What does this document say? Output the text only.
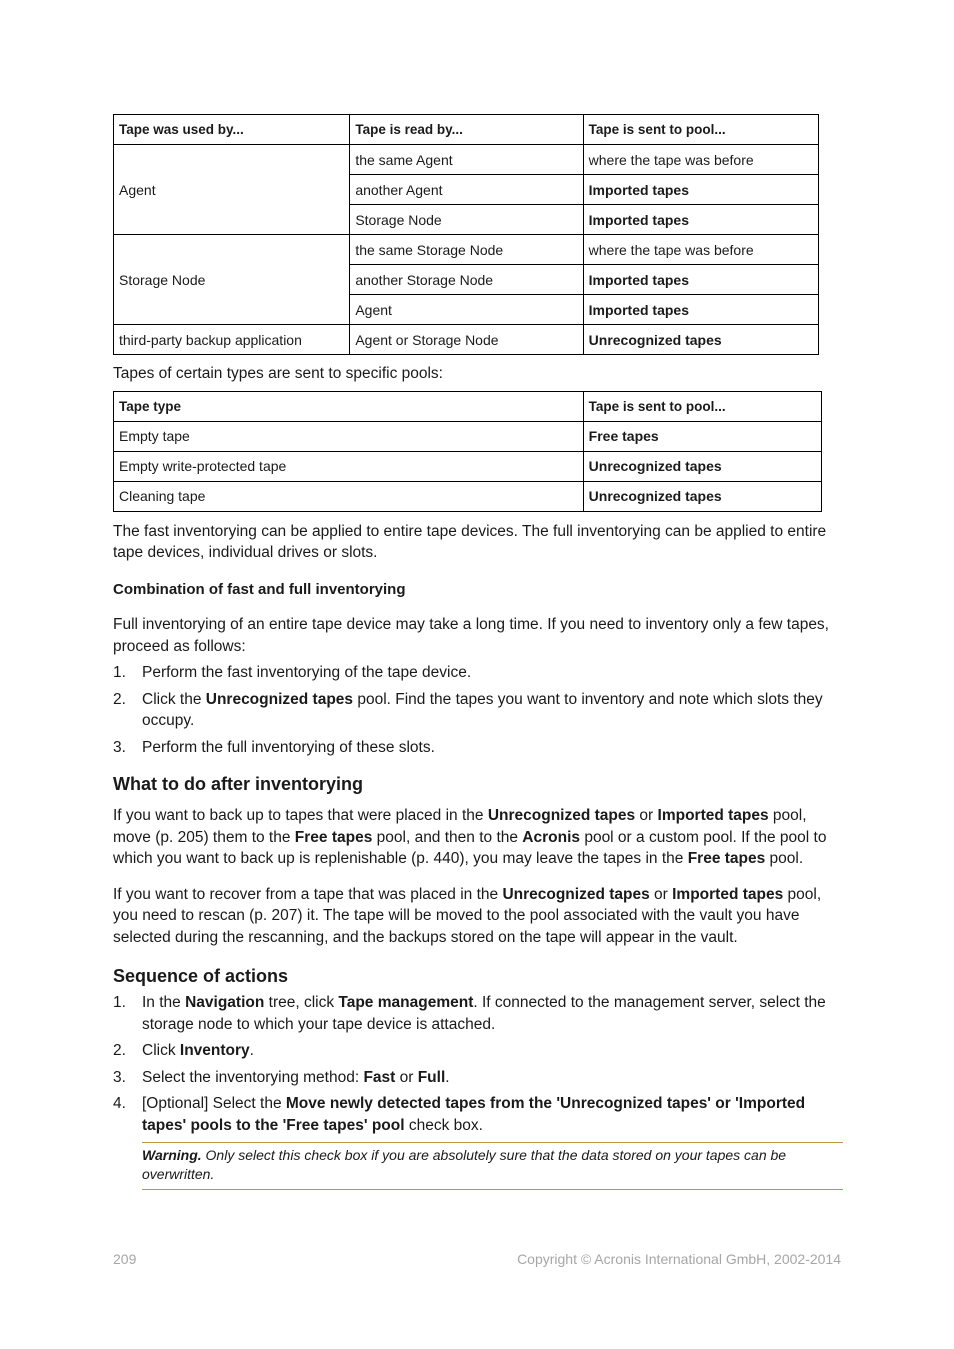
Tape was used by...	Tape is read by...	Tape is sent to pool...
Agent	the same Agent	where the tape was before
	another Agent	Imported tapes
	Storage Node	Imported tapes
Storage Node	the same Storage Node	where the tape was before
	another Storage Node	Imported tapes
	Agent	Imported tapes
third-party backup application	Agent or Storage Node	Unrecognized tapes

Tapes of certain types are sent to specific pools:

Tape type	Tape is sent to pool...
Empty tape	Free tapes
Empty write-protected tape	Unrecognized tapes
Cleaning tape	Unrecognized tapes

The fast inventorying can be applied to entire tape devices. The full inventorying can be applied to entire tape devices, individual drives or slots.

Combination of fast and full inventorying

Full inventorying of an entire tape device may take a long time. If you need to inventory only a few tapes, proceed as follows:

1. Perform the fast inventorying of the tape device.
2. Click the Unrecognized tapes pool. Find the tapes you want to inventory and note which slots they occupy.
3. Perform the full inventorying of these slots.
What to do after inventorying

If you want to back up to tapes that were placed in the Unrecognized tapes or Imported tapes pool, move (p. 205) them to the Free tapes pool, and then to the Acronis pool or a custom pool. If the pool to which you want to back up is replenishable (p. 440), you may leave the tapes in the Free tapes pool.

If you want to recover from a tape that was placed in the Unrecognized tapes or Imported tapes pool, you need to rescan (p. 207) it. The tape will be moved to the pool associated with the vault you have selected during the rescanning, and the backups stored on the tape will appear in the vault.

Sequence of actions
1. In the Navigation tree, click Tape management. If connected to the management server, select the storage node to which your tape device is attached.
2. Click Inventory.
3. Select the inventorying method: Fast or Full.
4. [Optional] Select the Move newly detected tapes from the 'Unrecognized tapes' or 'Imported tapes' pools to the 'Free tapes' pool check box.
Warning. Only select this check box if you are absolutely sure that the data stored on your tapes can be overwritten.
209	Copyright © Acronis International GmbH, 2002-2014
